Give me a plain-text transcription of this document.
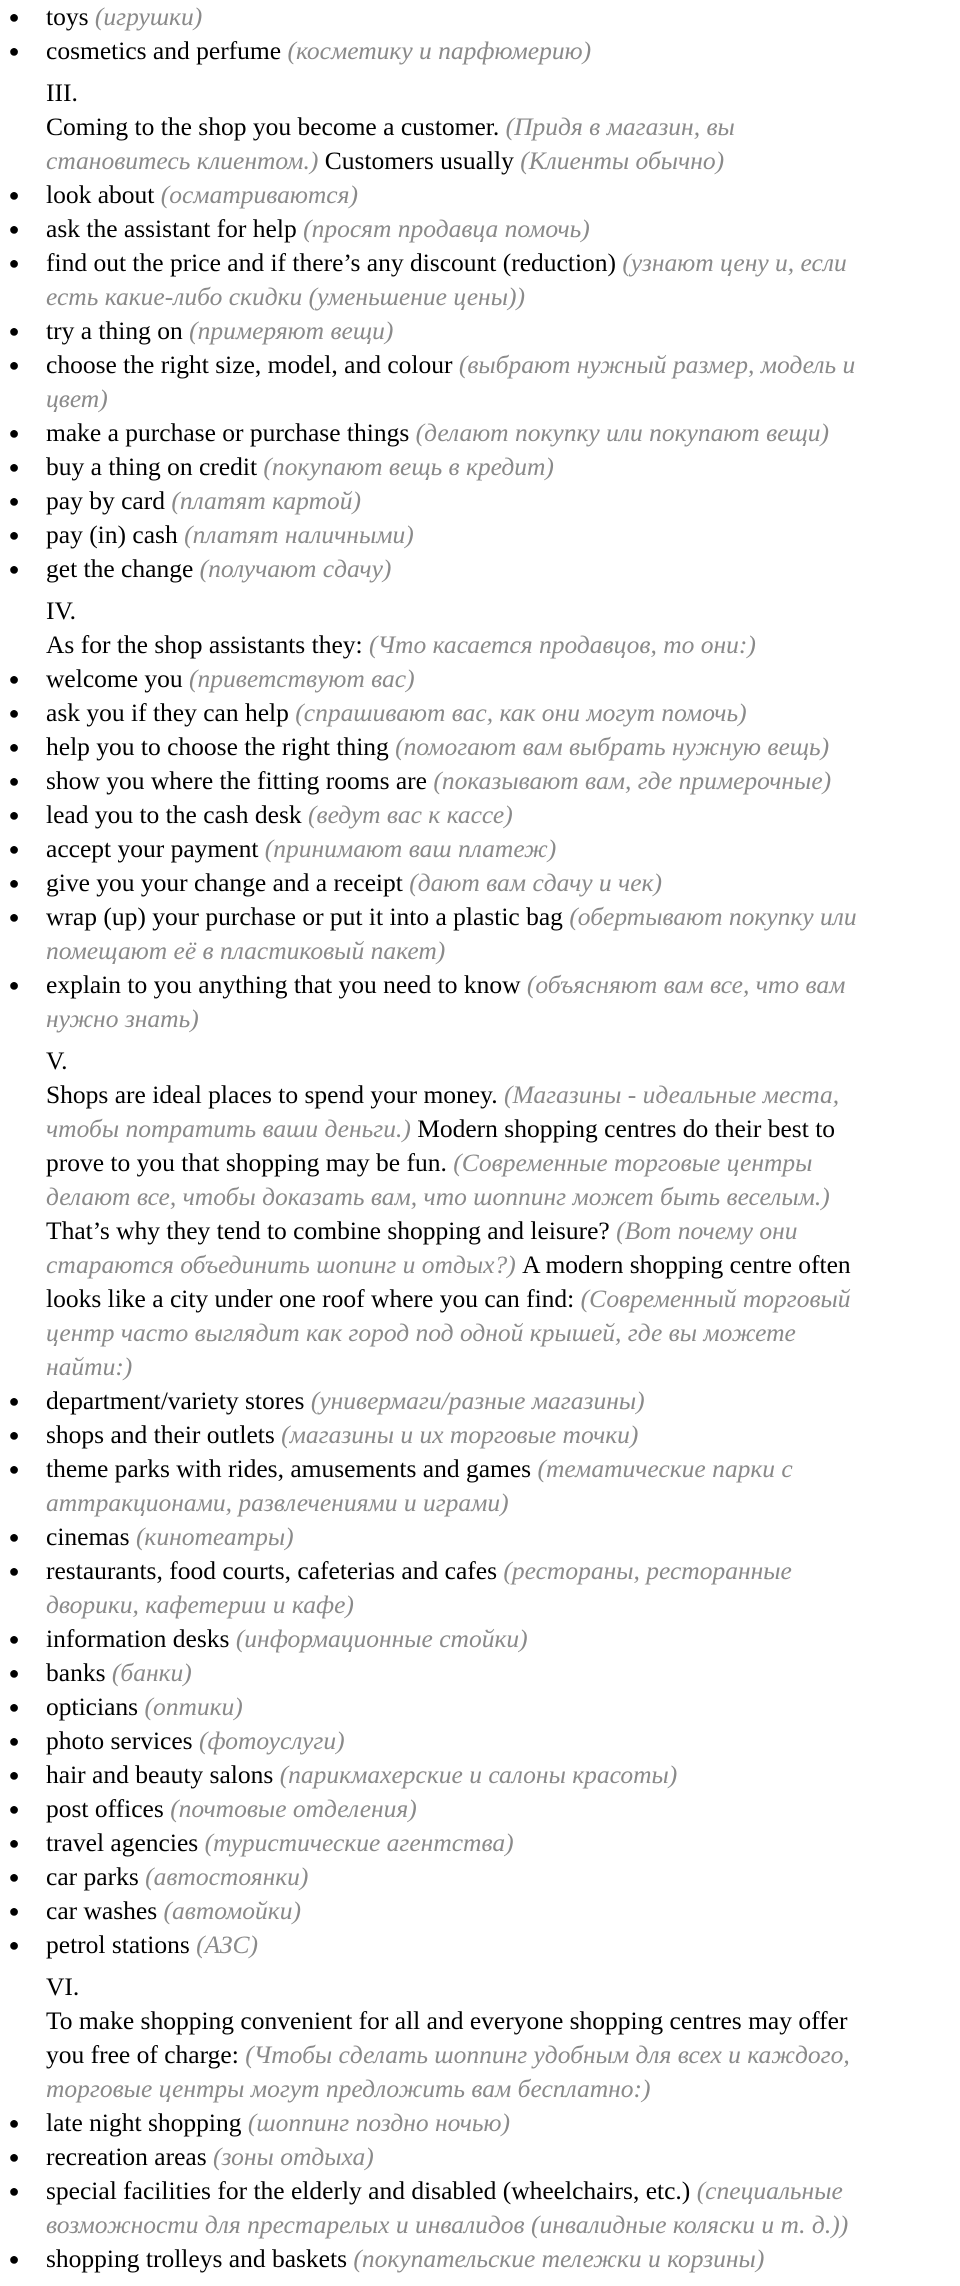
●	toys (игрушки)
●	cosmetics and perfume (косметику и парфюмерию)
III.
Coming to the shop you become a customer. (Придя в магазин, вы
становитесь клиентом.) Customers usually (Клиенты обычно)
●	look about (осматриваются)
●	ask the assistant for help (просят продавца помочь)
●	find out the price and if there’s any discount (reduction) (узнают цену и, если
есть какие-либо скидки (уменьшение цены))
●	try a thing on (примеряют вещи)
●	choose the right size, model, and colour (выбрают нужный размер, модель и
цвет)
●	make a purchase or purchase things (делают покупку или покупают вещи)
●	buy a thing on credit (покупают вещь в кредит)
●	pay by card (платят картой)
●	pay (in) cash (платят наличными)
●	get the change (получают сдачу)
IV.
As for the shop assistants they: (Что касается продавцов, то они:)
●	welcome you (приветствуют вас)
●	ask you if they can help (спрашивают вас, как они могут помочь)
●	help you to choose the right thing (помогают вам выбрать нужную вещь)
●	show you where the fitting rooms are (показывают вам, где примерочные)
●	lead you to the cash desk (ведут вас к кассе)
●	accept your payment (принимают ваш платеж)
●	give you your change and a receipt (дают вам сдачу и чек)
●	wrap (up) your purchase or put it into a plastic bag (обертывают покупку или
помещают её в пластиковый пакет)
●	explain to you anything that you need to know (объясняют вам все, что вам
нужно знать)
V.
Shops are ideal places to spend your money. (Магазины - идеальные места,
чтобы потратить ваши деньги.) Modern shopping centres do their best to
prove to you that shopping may be fun. (Современные торговые центры
делают все, чтобы доказать вам, что шоппинг может быть веселым.)
That’s why they tend to combine shopping and leisure? (Вот почему они
стараются объединить шопинг и отдых?) A modern shopping centre often
looks like a city under one roof where you can find: (Современный торговый
центр часто выглядит как город под одной крышей, где вы можете
найти:)
●	department/variety stores (универмаги/разные магазины)
●	shops and their outlets (магазины и их торговые точки)
●	theme parks with rides, amusements and games (тематические парки с
аттракционами, развлечениями и играми)
●	cinemas (кинотеатры)
●	restaurants, food courts, cafeterias and cafes (рестораны, ресторанные
дворики, кафетерии и кафе)
●	information desks (информационные стойки)
●	banks (банки)
●	opticians (оптики)
●	photo services (фотоуслуги)
●	hair and beauty salons (парикмахерские и салоны красоты)
●	post offices (почтовые отделения)
●	travel agencies (туристические агентства)
●	car parks (автостоянки)
●	car washes (автомойки)
●	petrol stations (АЗС)
VI.
To make shopping convenient for all and everyone shopping centres may offer
you free of charge: (Чтобы сделать шоппинг удобным для всех и каждого,
торговые центры могут предложить вам бесплатно:)
●	late night shopping (шоппинг поздно ночью)
●	recreation areas (зоны отдыха)
●	special facilities for the elderly and disabled (wheelchairs, etc.) (специальные
возможности для престарелых и инвалидов (инвалидные коляски и т. д.))
●	shopping trolleys and baskets (покупательские тележки и корзины)
